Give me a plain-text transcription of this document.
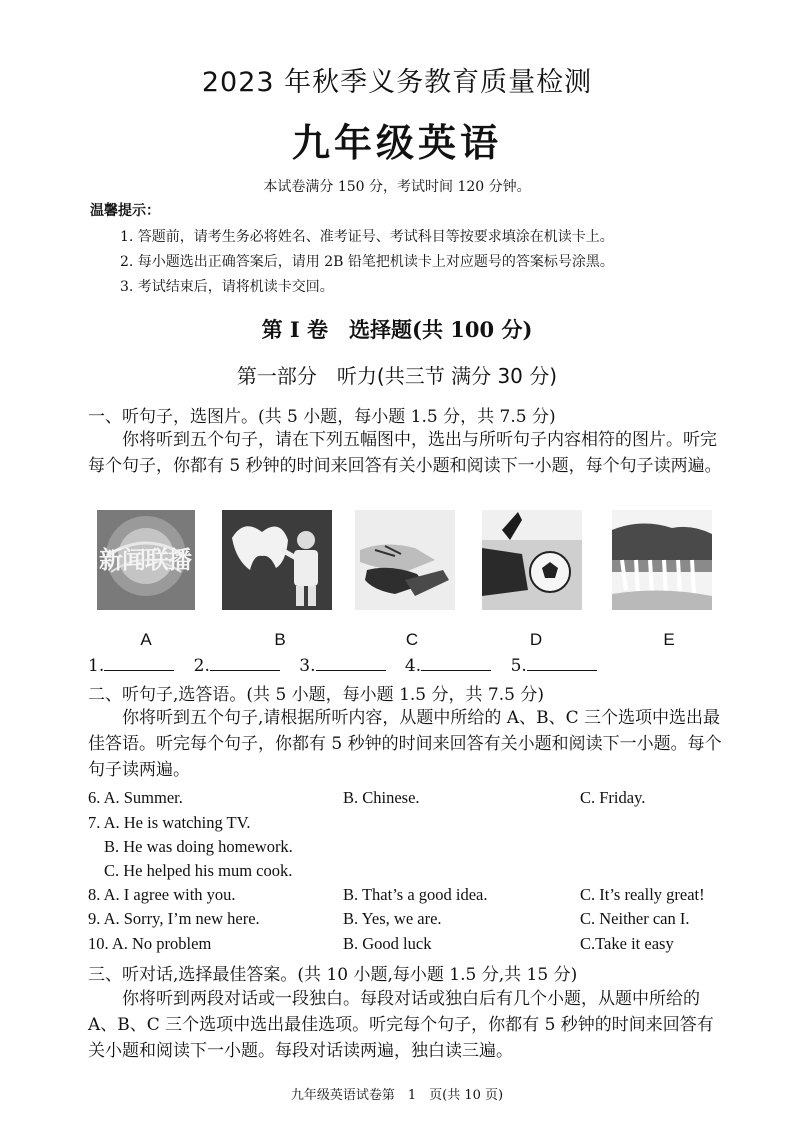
2023 年秋季义务教育质量检测
九年级英语
本试卷满分 150 分，考试时间 120 分钟。
温馨提示：
1. 答题前，请考生务必将姓名、准考证号、考试科目等按要求填涂在机读卡上。
2. 每小题选出正确答案后，请用 2B 铅笔把机读卡上对应题号的答案标号涂黑。
3. 考试结束后，请将机读卡交回。
第 I 卷　选择题(共 100 分)
第一部分　听力(共三节 满分 30 分)
一、听句子，选图片。(共 5 小题，每小题 1.5 分，共 7.5 分)
你将听到五个句子，请在下列五幅图中，选出与所听句子内容相符的图片。听完每个句子，你都有 5 秒钟的时间来回答有关小题和阅读下一小题，每个句子读两遍。
新闻联播
A	B	C	D	E
1.	2.	3.	4.	5.
二、听句子,选答语。(共 5 小题，每小题 1.5 分，共 7.5 分)
你将听到五个句子,请根据所听内容，从题中所给的 A、B、C 三个选项中选出最佳答语。听完每个句子，你都有 5 秒钟的时间来回答有关小题和阅读下一小题。每个句子读两遍。
6. A. Summer.	B. Chinese.	C. Friday.
7. A. He is watching TV.
B. He was doing homework.
C. He helped his mum cook.
8. A. I agree with you.	B. That’s a good idea.	C. It’s really great!
9. A. Sorry, I’m new here.	B. Yes, we are.	C. Neither can I.
10. A. No problem	B. Good luck	C.Take it easy
三、听对话,选择最佳答案。(共 10 小题,每小题 1.5 分,共 15 分)
你将听到两段对话或一段独白。每段对话或独白后有几个小题，从题中所给的 A、B、C 三个选项中选出最佳选项。听完每个句子，你都有 5 秒钟的时间来回答有关小题和阅读下一小题。每段对话读两遍，独白读三遍。
九年级英语试卷第　1　页(共 10 页)
